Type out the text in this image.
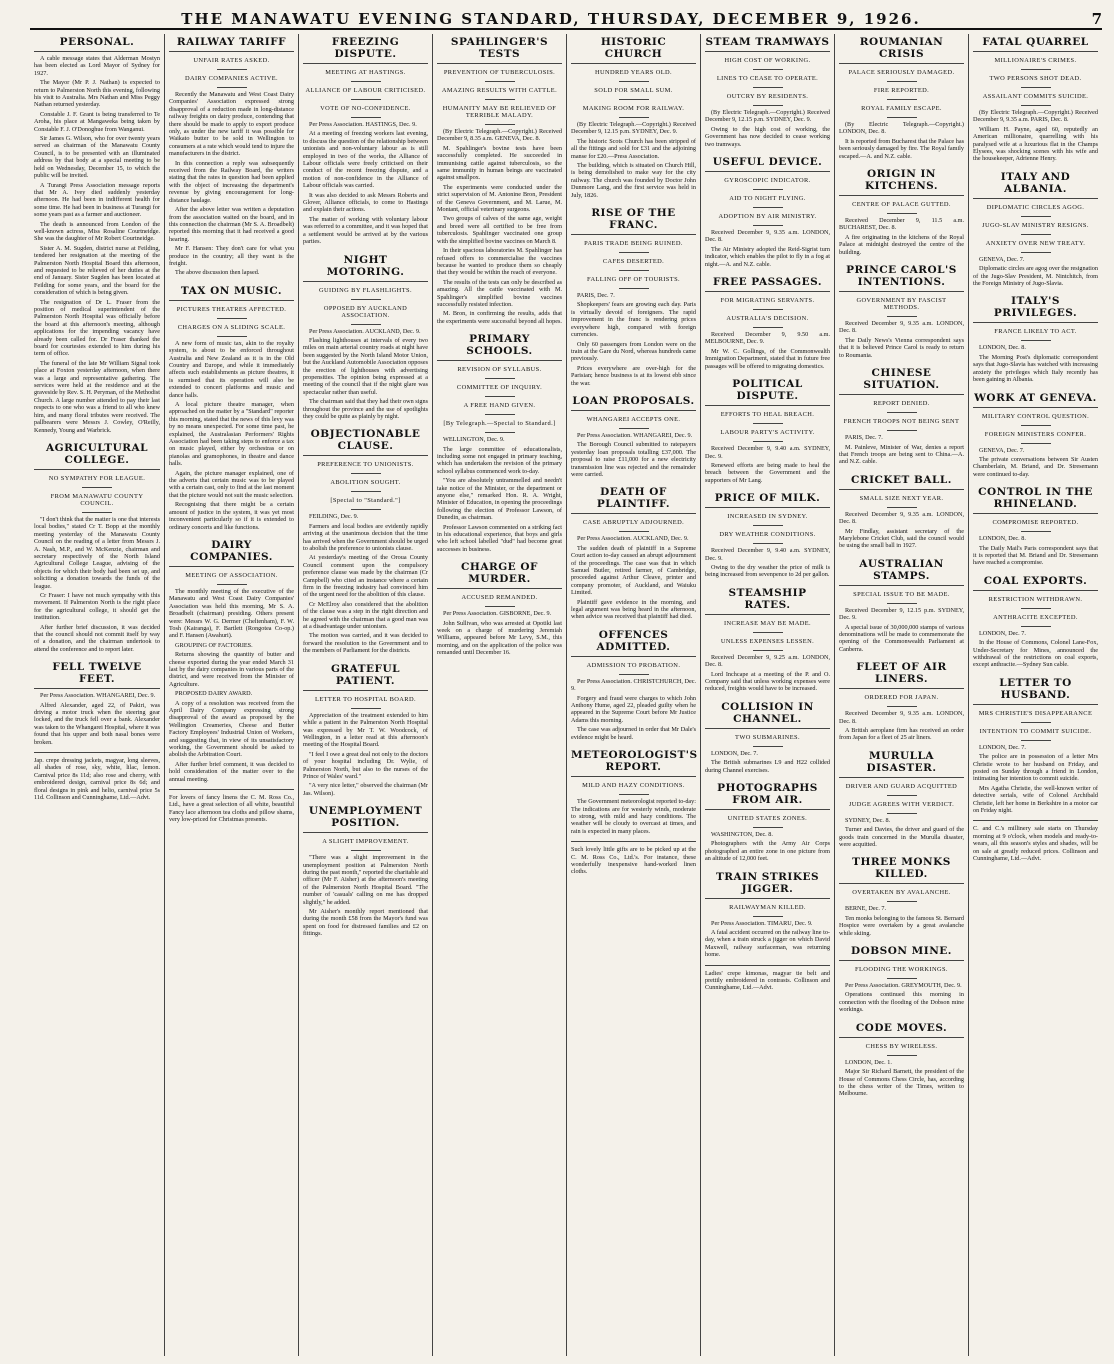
THE MANAWATU EVENING STANDARD, THURSDAY, DECEMBER 9, 1926.	7
PERSONAL.

A cable message states that Alderman Mostyn has been elected as Lord Mayor of Sydney for 1927.

The Mayor (Mr P. J. Nathan) is expected to return to Palmerston North this evening, following his visit to Australia. Mrs Nathan and Miss Peggy Nathan returned yesterday.

Constable J. F. Grant is being transferred to Te Aroha, his place at Mangaweka being taken by Constable F. J. O'Donoghue from Wanganui.

Sir James G. Wilson, who for over twenty years served as chairman of the Manawatu County Council, is to be presented with an illuminated address by that body at a special meeting to be held on Wednesday, December 15, to which the public will be invited.

A Turangi Press Association message reports that Mr A. Ivey died suddenly yesterday afternoon. He had been in indifferent health for some time. He had been in business at Turangi for some years past as a farmer and auctioneer.

The death is announced from London of the well-known actress, Miss Rosaline Courtneidge. She was the daughter of Mr Robert Courtneidge.

Sister A. M. Sugden, district nurse at Feilding, tendered her resignation at the meeting of the Palmerston North Hospital Board this afternoon, and requested to be relieved of her duties at the end of January. Sister Sugden has been located at Feilding for some years, and the board for the consideration of which is being given.

The resignation of Dr L. Fraser from the position of medical superintendent of the Palmerston North Hospital was officially before the board at this afternoon's meeting, although applications for the impending vacancy have already been called for. Dr Fraser thanked the board for courtesies extended to him during his term of office.

The funeral of the late Mr William Signal took place at Foxton yesterday afternoon, when there was a large and representative gathering. The services were held at the residence and at the graveside by Rev. S. H. Peryman, of the Methodist Church. A large number attended to pay their last respects to one who was a friend to all who knew him, and many floral tributes were received. The pallbearers were Messrs J. Cowley, O'Reilly, Kennedy, Young and Warbrick.

AGRICULTURAL COLLEGE.
NO SYMPATHY FOR LEAGUE.
FROM MANAWATU COUNTY COUNCIL.

"I don't think that the matter is one that interests local bodies," stated Cr T. Bopp at the monthly meeting yesterday of the Manawatu County Council on the reading of a letter from Messrs J. A. Nash, M.P., and W. McKenzie, chairman and secretary respectively of the North Island Agricultural College League, advising of the objects for which their body had been set up, and soliciting a donation towards the funds of the league.

Cr Fraser: I have not much sympathy with this movement. If Palmerston North is the right place for the agricultural college, it should get the institution.

After further brief discussion, it was decided that the council should not commit itself by way of a donation, and the chairman undertook to attend the conference and to report later.

FELL TWELVE FEET.

Per Press Association. WHANGAREI, Dec. 9.

Alfred Alexander, aged 22, of Pakiri, was driving a motor truck when the steering gear locked, and the truck fell over a bank. Alexander was taken to the Whangarei Hospital, where it was found that his upper and both nasal bones were broken.

Jap. crepe dressing jackets, magyar, long sleeves, all shades of rose, sky, white, lilac, lemon. Carnival price 8s 11d; also rose and cherry, with embroidered design, carnival price 8s 6d; and floral designs in pink and helio, carnival price 5s 11d. Collinson and Cunninghame, Ltd.—Advt.
RAILWAY TARIFF
UNFAIR RATES ASKED.
DAIRY COMPANIES ACTIVE.

Recently the Manawatu and West Coast Dairy Companies' Association expressed strong disapproval of a reduction made in long-distance railway freights on dairy produce, contending that there should be made to apply to export produce only, as under the new tariff it was possible for Waikato butter to be sold in Wellington to consumers at a rate which would tend to injure the manufacturers in the district.

In this connection a reply was subsequently received from the Railway Board, the writers stating that the rates in question had been applied with the object of increasing the department's revenue by giving encouragement for long-distance haulage.

After the above letter was written a deputation from the association waited on the board, and in this connection the chairman (Mr S. A. Broadbelt) reported this morning that it had received a good hearing.

Mr F. Hansen: They don't care for what you produce in the country; all they want is the freight.

The above discussion then lapsed.

TAX ON MUSIC.
PICTURES THEATRES AFFECTED.
CHARGES ON A SLIDING SCALE.

A new form of music tax, akin to the royalty system, is about to be enforced throughout Australia and New Zealand as it is in the Old Country and Europe, and while it immediately affects such establishments as picture theatres, it is surmised that its operation will also be extended to concert platforms and music and dance halls.

A local picture theatre manager, when approached on the matter by a "Standard" reporter this morning, stated that the news of this levy was by no means unexpected. For some time past, he explained, the Australasian Performers' Rights Association had been taking steps to enforce a tax on music played, either by orchestras or on pianolas and gramophones, in theatre and dance halls.

Again, the picture manager explained, one of the adverts that certain music was to be played with a certain cast, only to find at the last moment that the picture would not suit the music selection.

Recognising that there might be a certain amount of justice in the system, it was yet most inconvenient particularly so if it is extended to ordinary concerts and like functions.

DAIRY COMPANIES.
MEETING OF ASSOCIATION.

The monthly meeting of the executive of the Manawatu and West Coast Dairy Companies' Association was held this morning, Mr S. A. Broadbelt (chairman) presiding. Others present were: Messrs W. G. Dermer (Cheltenham), F. W. Tosh (Kairanga), F. Bartlett (Rongotea Co-op.) and F. Hansen (Awahuri).

GROUPING OF FACTORIES.

Returns showing the quantity of butter and cheese exported during the year ended March 31 last by the dairy companies in various parts of the district, and were received from the Minister of Agriculture.

PROPOSED DAIRY AWARD.

A copy of a resolution was received from the April Dairy Company expressing strong disapproval of the award as proposed by the Wellington Creameries, Cheese and Butter Factory Employees' Industrial Union of Workers, and suggesting that, in view of its unsatisfactory working, the Government should be asked to abolish the Arbitration Court.

After further brief comment, it was decided to hold consideration of the matter over to the annual meeting.

For lovers of fancy linens the C. M. Ross Co., Ltd., have a great selection of all white, beautiful Fancy lace afternoon tea cloths and pillow shams, very low-priced for Christmas presents.
FREEZING DISPUTE.
MEETING AT HASTINGS.
ALLIANCE OF LABOUR CRITICISED.
VOTE OF NO-CONFIDENCE.

Per Press Association. HASTINGS, Dec. 9.

At a meeting of freezing workers last evening, to discuss the question of the relationship between unionists and non-voluntary labour as is still employed in two of the works, the Alliance of Labour officials were freely criticised on their conduct of the recent freezing dispute, and a motion of non-confidence in the Alliance of Labour officials was carried.

It was also decided to ask Messrs Roberts and Glover, Alliance officials, to come to Hastings and explain their actions.

The matter of working with voluntary labour was referred to a committee, and it was hoped that a settlement would be arrived at by the various parties.

NIGHT MOTORING.
GUIDING BY FLASHLIGHTS.
OPPOSED BY AUCKLAND ASSOCIATION.

Per Press Association. AUCKLAND, Dec. 9.

Flashing lighthouses at intervals of every two miles on main arterial country roads at night have been suggested by the North Island Motor Union, but the Auckland Automobile Association opposes the erection of lighthouses with advertising propensities. The opinion being expressed at a meeting of the council that if the night glare was spectacular rather than useful.

The chairman said that they had their own signs throughout the province and the use of spotlights they could be quite as plainly by night.

OBJECTIONABLE CLAUSE.
PREFERENCE TO UNIONISTS.
ABOLITION SOUGHT.
[Special to "Standard."]

FEILDING, Dec. 9.

Farmers and local bodies are evidently rapidly arriving at the unanimous decision that the time has arrived when the Government should be urged to abolish the preference to unionists clause.

At yesterday's meeting of the Oroua County Council comment upon the compulsory preference clause was made by the chairman (Cr Campbell) who cited an instance where a certain firm in the freezing industry had convinced him of the urgent need for the abolition of this clause.

Cr McElroy also considered that the abolition of the clause was a step in the right direction and he agreed with the chairman that a good man was at a disadvantage under unionism.

The motion was carried, and it was decided to forward the resolution to the Government and to the members of Parliament for the districts.

GRATEFUL PATIENT.
LETTER TO HOSPITAL BOARD.

Appreciation of the treatment extended to him while a patient in the Palmerston North Hospital was expressed by Mr T. W. Woodcock, of Wellington, in a letter read at this afternoon's meeting of the Hospital Board.

"I feel I owe a great deal not only to the doctors of your hospital including Dr. Wylie, of Palmerston North, but also to the nurses of the Prince of Wales' ward."

"A very nice letter," observed the chairman (Mr Jas. Wilson).

UNEMPLOYMENT POSITION.
A SLIGHT IMPROVEMENT.

"There was a slight improvement in the unemployment position at Palmerston North during the past month," reported the charitable aid officer (Mr F. Aisher) at the afternoon's meeting of the Palmerston North Hospital Board. "The number of 'casuals' calling on me has dropped slightly," he added.

Mr Aisher's monthly report mentioned that during the month £58 from the Mayor's fund was spent on food for distressed families and £2 on fittings.

SPAHLINGER'S TESTS
PREVENTION OF TUBERCULOSIS.
AMAZING RESULTS WITH CATTLE.
HUMANITY MAY BE RELIEVED OF TERRIBLE MALADY.

(By Electric Telegraph.—Copyright.) Received December 9, 8.35 a.m. GENEVA, Dec. 8.

M. Spahlinger's bovine tests have been successfully completed. He succeeded in immunising cattle against tuberculosis, so the same immunity in human beings are vaccinated against smallpox.

The experiments were conducted under the strict supervision of M. Antonine Bron, President of the Geneva Government, and M. Larue, M. Montant, official veterinary surgeons.

Two groups of calves of the same age, weight and breed were all certified to be free from tuberculosis. Spahlinger vaccinated one group with the simplified bovine vaccines on March 8.

In their spacious laboratories M. Spahlinger has refused offers to commercialise the vaccines because he wanted to produce them so cheaply that they would be within the reach of everyone.

The results of the tests can only be described as amazing. All the cattle vaccinated with M. Spahlinger's simplified bovine vaccines successfully resisted infection.

M. Bron, in confirming the results, adds that the experiments were successful beyond all hopes.

PRIMARY SCHOOLS.
REVISION OF SYLLABUS.
COMMITTEE OF INQUIRY.
A FREE HAND GIVEN.
[By Telegraph.—Special to Standard.]

WELLINGTON, Dec. 9.

The large committee of educationalists, including some not engaged in primary teaching, which has undertaken the revision of the primary school syllabus commenced work to-day.

"You are absolutely untrammelled and needn't take notice of the Minister, or the department or anyone else," remarked Hon. R. A. Wright, Minister of Education, in opening the proceedings following the election of Professor Lawson, of Dunedin, as chairman.

Professor Lawson commented on a striking fact in his educational experience, that boys and girls who left school labelled "dud" had become great successes in business.

CHARGE OF MURDER.
ACCUSED REMANDED.

Per Press Association. GISBORNE, Dec. 9.

John Sullivan, who was arrested at Opotiki last week on a charge of murdering Jeremiah Williams, appeared before Mr Levy, S.M., this morning, and on the application of the police was remanded until December 16.

HISTORIC CHURCH
HUNDRED YEARS OLD.
SOLD FOR SMALL SUM.
MAKING ROOM FOR RAILWAY.

(By Electric Telegraph.—Copyright.) Received December 9, 12.15 p.m. SYDNEY, Dec. 9.

The historic Scots Church has been stripped of all the fittings and sold for £31 and the adjoining manse for £20.—Press Association.

The building, which is situated on Church Hill, is being demolished to make way for the city railway. The church was founded by Doctor John Dunmore Lang, and the first service was held in July, 1826.

RISE OF THE FRANC.
PARIS TRADE BEING RUINED.
CAFES DESERTED.
FALLING OFF OF TOURISTS.

PARIS, Dec. 7.

Shopkeepers' fears are growing each day. Paris is virtually devoid of foreigners. The rapid improvement in the franc is rendering prices everywhere high, compared with foreign currencies.

Only 60 passengers from London were on the train at the Gare du Nord, whereas hundreds came previously.

Prices everywhere are over-high for the Parisian; hence business is at its lowest ebb since the war.

LOAN PROPOSALS.
WHANGAREI ACCEPTS ONE.

Per Press Association. WHANGAREI, Dec. 9.

The Borough Council submitted to ratepayers yesterday loan proposals totalling £37,000. The proposal to raise £11,000 for a new electricity transmission line was rejected and the remainder were carried.

DEATH OF PLAINTIFF.
CASE ABRUPTLY ADJOURNED.

Per Press Association. AUCKLAND, Dec. 9.

The sudden death of plaintiff in a Supreme Court action to-day caused an abrupt adjournment of the proceedings. The case was that in which Samuel Butler, retired farmer, of Cambridge, proceeded against Arthur Cleave, printer and company promoter, of Auckland, and Waiuku Limited.

Plaintiff gave evidence in the morning, and legal argument was being heard in the afternoon, when advice was received that plaintiff had died.

OFFENCES ADMITTED.
ADMISSION TO PROBATION.

Per Press Association. CHRISTCHURCH, Dec. 9.

Forgery and fraud were charges to which John Anthony Hume, aged 22, pleaded guilty when he appeared in the Supreme Court before Mr Justice Adams this morning.

The case was adjourned in order that Mr Dale's evidence might be heard.

METEOROLOGIST'S REPORT.
MILD AND HAZY CONDITIONS.

The Government meteorologist reported to-day: The indications are for westerly winds, moderate to strong, with mild and hazy conditions. The weather will be cloudy to overcast at times, and rain is expected in many places.

Such lovely little gifts are to be picked up at the C. M. Ross Co., Ltd.'s. For instance, these wonderfully inexpensive hand-worked linen cloths.
STEAM TRAMWAYS
HIGH COST OF WORKING.
LINES TO CEASE TO OPERATE.
OUTCRY BY RESIDENTS.

(By Electric Telegraph.—Copyright.) Received December 9, 12.15 p.m. SYDNEY, Dec. 9.

Owing to the high cost of working, the Government has now decided to cease working two tramways.

USEFUL DEVICE.
GYROSCOPIC INDICATOR.
AID TO NIGHT FLYING.
ADOPTION BY AIR MINISTRY.

Received December 9, 9.35 a.m. LONDON, Dec. 8.

The Air Ministry adopted the Reid-Sigrist turn indicator, which enables the pilot to fly in a fog at night.—A. and N.Z. cable.

FREE PASSAGES.
FOR MIGRATING SERVANTS.
AUSTRALIA'S DECISION.

Received December 9, 9.50 a.m. MELBOURNE, Dec. 9.

Mr W. C. Gollings, of the Commonwealth Immigration Department, stated that in future free passages will be offered to migrating domestics.

POLITICAL DISPUTE.
EFFORTS TO HEAL BREACH.
LABOUR PARTY'S ACTIVITY.

Received December 9, 9.40 a.m. SYDNEY, Dec. 9.

Renewed efforts are being made to heal the breach between the Government and the supporters of Mr Lang.

PRICE OF MILK.
INCREASED IN SYDNEY.
DRY WEATHER CONDITIONS.

Received December 9, 9.40 a.m. SYDNEY, Dec. 9.

Owing to the dry weather the price of milk is being increased from sevenpence to 2d per gallon.

STEAMSHIP RATES.
INCREASE MAY BE MADE.
UNLESS EXPENSES LESSEN.

Received December 9, 9.25 a.m. LONDON, Dec. 8.

Lord Inchcape at a meeting of the P. and O. Company said that unless working expenses were reduced, freights would have to be increased.

COLLISION IN CHANNEL.
TWO SUBMARINES.

LONDON, Dec. 7.

The British submarines L9 and H22 collided during Channel exercises.

PHOTOGRAPHS FROM AIR.
UNITED STATES ZONES.

WASHINGTON, Dec. 8.

Photographers with the Army Air Corps photographed an entire zone in one picture from an altitude of 12,000 feet.

TRAIN STRIKES JIGGER.
RAILWAYMAN KILLED.

Per Press Association. TIMARU, Dec. 9.

A fatal accident occurred on the railway line to-day, when a train struck a jigger on which David Maxwell, railway surfaceman, was returning home.

Ladies' crepe kimonas, magyar tie belt and prettily embroidered in contrasts. Collinson and Cunninghame, Ltd.—Advt.
ROUMANIAN CRISIS
PALACE SERIOUSLY DAMAGED.
FIRE REPORTED.
ROYAL FAMILY ESCAPE.

(By Electric Telegraph.—Copyright.) LONDON, Dec. 8.

It is reported from Bucharest that the Palace has been seriously damaged by fire. The Royal family escaped.—A. and N.Z. cable.

ORIGIN IN KITCHENS.
CENTRE OF PALACE GUTTED.

Received December 9, 11.5 a.m. BUCHAREST, Dec. 8.

A fire originating in the kitchens of the Royal Palace at midnight destroyed the centre of the building.

PRINCE CAROL'S INTENTIONS.
GOVERNMENT BY FASCIST METHODS.

Received December 9, 9.35 a.m. LONDON, Dec. 8.

The Daily News's Vienna correspondent says that it is believed Prince Carol is ready to return to Roumania.

CHINESE SITUATION.
REPORT DENIED.
FRENCH TROOPS NOT BEING SENT

PARIS, Dec. 7.

M. Painleve, Minister of War, denies a report that French troops are being sent to China.—A. and N.Z. cable.

CRICKET BALL.
SMALL SIZE NEXT YEAR.

Received December 9, 9.35 a.m. LONDON, Dec. 8.

Mr Findlay, assistant secretary of the Marylebone Cricket Club, said the council would be using the small ball in 1927.

AUSTRALIAN STAMPS.
SPECIAL ISSUE TO BE MADE.

Received December 9, 12.15 p.m. SYDNEY, Dec. 9.

A special issue of 30,000,000 stamps of various denominations will be made to commemorate the opening of the Commonwealth Parliament at Canberra.

FLEET OF AIR LINERS.
ORDERED FOR JAPAN.

Received December 9, 9.35 a.m. LONDON, Dec. 8.

A British aeroplane firm has received an order from Japan for a fleet of 25 air liners.

MURULLA DISASTER.
DRIVER AND GUARD ACQUITTED
JUDGE AGREES WITH VERDICT.

SYDNEY, Dec. 8.

Turner and Davies, the driver and guard of the goods train concerned in the Murulla disaster, were acquitted.

THREE MONKS KILLED.
OVERTAKEN BY AVALANCHE.

BERNE, Dec. 7.

Ten monks belonging to the famous St. Bernard Hospice were overtaken by a great avalanche while skiing.

DOBSON MINE.
FLOODING THE WORKINGS.

Per Press Association. GREYMOUTH, Dec. 9.

Operations continued this morning in connection with the flooding of the Dobson mine workings.

CODE MOVES.
CHESS BY WIRELESS.

LONDON, Dec. 1.

Major Sir Richard Barnett, the president of the House of Commons Chess Circle, has, according to the chess writer of the Times, written to Melbourne.

FATAL QUARREL
MILLIONAIRE'S CRIMES.
TWO PERSONS SHOT DEAD.
ASSAILANT COMMITS SUICIDE.

(By Electric Telegraph.—Copyright.) Received December 9, 9.35 a.m. PARIS, Dec. 8.

William H. Payne, aged 60, reputedly an American millionaire, quarrelling with his paralysed wife at a luxurious flat in the Champs Elysees, was shocking scenes with his wife and the housekeeper, Adrienne Henry.

ITALY AND ALBANIA.
DIPLOMATIC CIRCLES AGOG.
JUGO-SLAV MINISTRY RESIGNS.
ANXIETY OVER NEW TREATY.

GENEVA, Dec. 7.

Diplomatic circles are agog over the resignation of the Jugo-Slav President, M. Nintchitch, from the Foreign Ministry of Jugo-Slavia.

ITALY'S PRIVILEGES.
FRANCE LIKELY TO ACT.

LONDON, Dec. 8.

The Morning Post's diplomatic correspondent says that Jugo-Slavia has watched with increasing anxiety the privileges which Italy recently has been gaining in Albania.

WORK AT GENEVA.
MILITARY CONTROL QUESTION.
FOREIGN MINISTERS CONFER.

GENEVA, Dec. 7.

The private conversations between Sir Austen Chamberlain, M. Briand, and Dr. Stresemann were continued to-day.

CONTROL IN THE RHINELAND.
COMPROMISE REPORTED.

LONDON, Dec. 8.

The Daily Mail's Paris correspondent says that it is reported that M. Briand and Dr. Stresemann have reached a compromise.

COAL EXPORTS.
RESTRICTION WITHDRAWN.
ANTHRACITE EXCEPTED.

LONDON, Dec. 7.

In the House of Commons, Colonel Lane-Fox, Under-Secretary for Mines, announced the withdrawal of the restrictions on coal exports, except anthracite.—Sydney Sun cable.

LETTER TO HUSBAND.
MRS CHRISTIE'S DISAPPEARANCE
INTENTION TO COMMIT SUICIDE.

LONDON, Dec. 7.

The police are in possession of a letter Mrs Christie wrote to her husband on Friday, and posted on Sunday through a friend in London, intimating her intention to commit suicide.

Mrs Agatha Christie, the well-known writer of detective serials, wife of Colonel Archibald Christie, left her home in Berkshire in a motor car on Friday night.

C. and C.'s millinery sale starts on Thursday morning at 9 o'clock, when models and ready-to-wears, all this season's styles and shades, will be on sale at greatly reduced prices. Collinson and Cunninghame, Ltd.—Advt.
